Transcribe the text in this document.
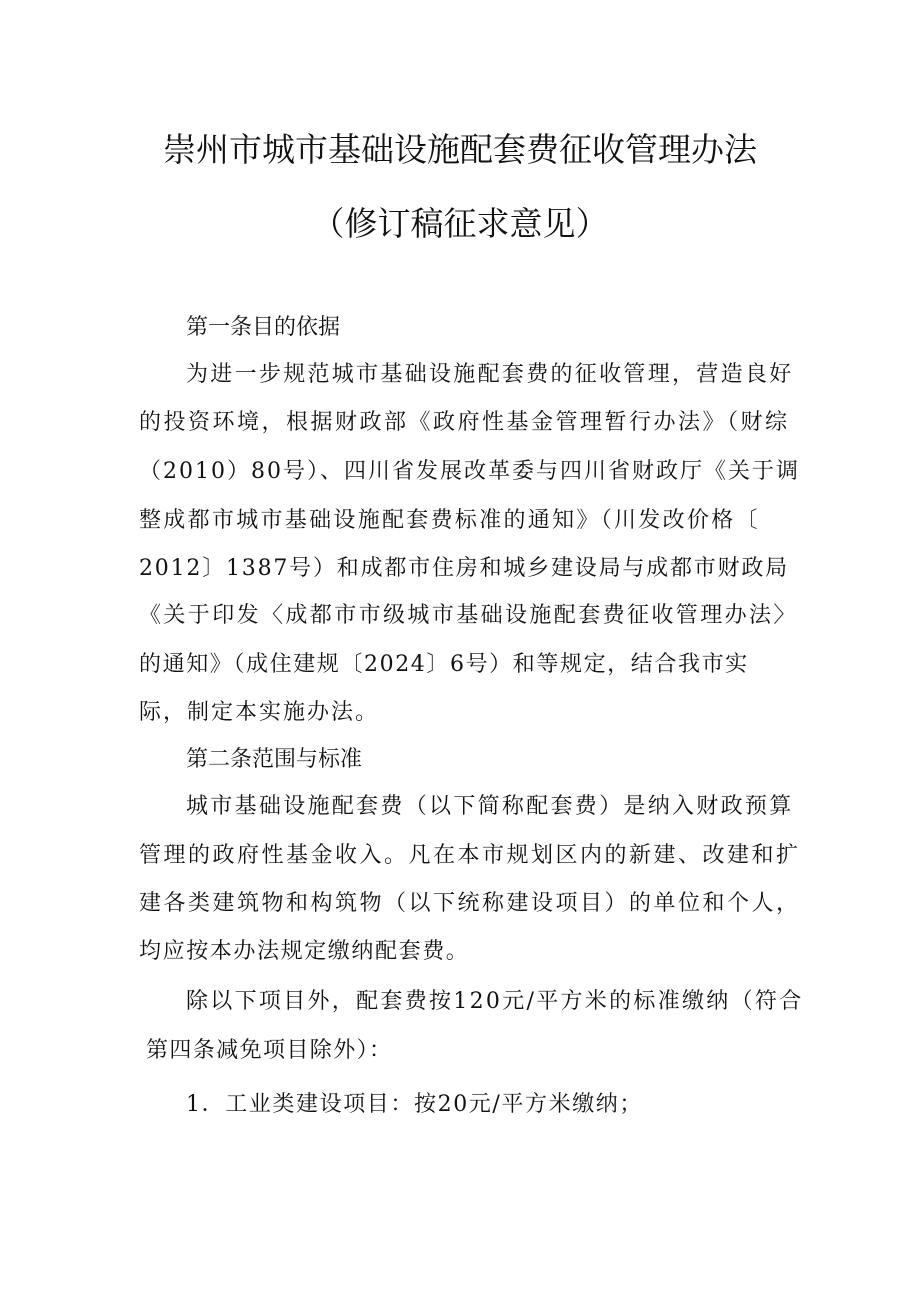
崇州市城市基础设施配套费征收管理办法
（修订稿征求意见）
第一条目的依据
为进一步规范城市基础设施配套费的征收管理，营造良好
的投资环境，根据财政部《政府性基金管理暂行办法》（财综
（2010）80号）、四川省发展改革委与四川省财政厅《关于调
整成都市城市基础设施配套费标准的通知》（川发改价格〔
2012〕1387号）和成都市住房和城乡建设局与成都市财政局
《关于印发〈成都市市级城市基础设施配套费征收管理办法〉
的通知》（成住建规〔2024〕6号）和等规定，结合我市实
际，制定本实施办法。
第二条范围与标准
城市基础设施配套费（以下简称配套费）是纳入财政预算
管理的政府性基金收入。凡在本市规划区内的新建、改建和扩
建各类建筑物和构筑物（以下统称建设项目）的单位和个人，
均应按本办法规定缴纳配套费。
除以下项目外，配套费按120元/平方米的标准缴纳（符合
第四条减免项目除外）：
1．工业类建设项目：按20元/平方米缴纳；
